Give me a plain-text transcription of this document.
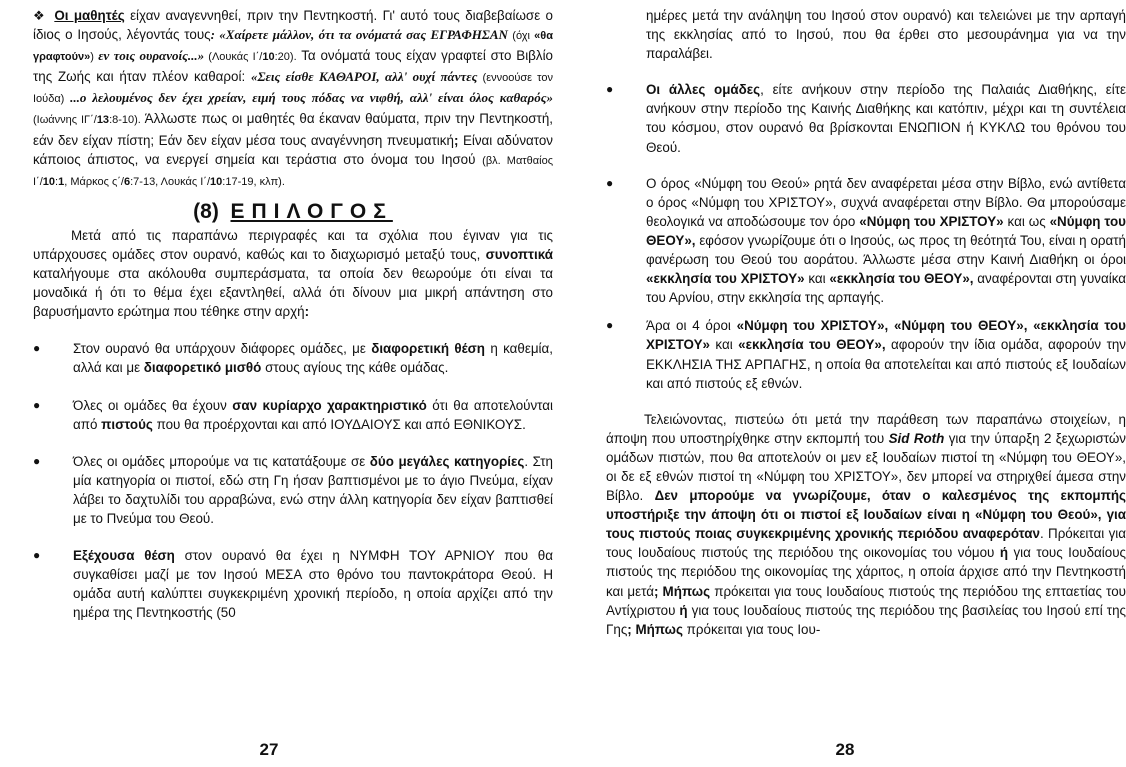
❖ Οι μαθητές είχαν αναγεννηθεί, πριν την Πεντηκοστή. Γι' αυτό τους διαβεβαίωσε ο ίδιος ο Ιησούς, λέγοντάς τους: «Χαίρετε μάλλον, ότι τα ονόματά σας ΕΓΡΑΦΗΣΑΝ (όχι «θα γραφτούν») εν τοις ουρανοίς...» (Λουκάς Ι΄/10:20). Τα ονόματά τους είχαν γραφτεί στο Βιβλίο της Ζωής και ήταν πλέον καθαροί: «Σεις είσθε ΚΑΘΑΡΟΙ, αλλ' ουχί πάντες (εννοούσε τον Ιούδα) ...ο λελουμένος δεν έχει χρείαν, ειμή τους πόδας να νιφθή, αλλ' είναι όλος καθαρός» (Ιωάννης ΙΓ΄/13:8-10). Άλλωστε πως οι μαθητές θα έκαναν θαύματα, πριν την Πεντηκοστή, εάν δεν είχαν πίστη; Εάν δεν είχαν μέσα τους αναγέννηση πνευματική; Είναι αδύνατον κάποιος άπιστος, να ενεργεί σημεία και τεράστια στο όνομα του Ιησού (βλ. Ματθαίος Ι΄/10:1, Μάρκος ς΄/6:7-13, Λουκάς Ι΄/10:17-19, κλπ).

(8) ΕΠΙΛΟΓΟΣ

Μετά από τις παραπάνω περιγραφές και τα σχόλια που έγιναν για τις υπάρχουσες ομάδες στον ουρανό, καθώς και το διαχωρισμό μεταξύ τους, συνοπτικά καταλήγουμε στα ακόλουθα συμπεράσματα, τα οποία δεν θεωρούμε ότι είναι τα μοναδικά ή ότι το θέμα έχει εξαντληθεί, αλλά ότι δίνουν μια μικρή απάντηση στο βαρυσήμαντο ερώτημα που τέθηκε στην αρχή:

●	Στον ουρανό θα υπάρχουν διάφορες ομάδες, με διαφορετική θέση η καθεμία, αλλά και με διαφορετικό μισθό στους αγίους της κάθε ομάδας.
●	Όλες οι ομάδες θα έχουν σαν κυρίαρχο χαρακτηριστικό ότι θα αποτελούνται από πιστούς που θα προέρχονται και από ΙΟΥΔΑΙΟΥΣ και από ΕΘΝΙΚΟΥΣ.
●	Όλες οι ομάδες μπορούμε να τις κατατάξουμε σε δύο μεγάλες κατηγορίες. Στη μία κατηγορία οι πιστοί, εδώ στη Γη ήσαν βαπτισμένοι με το άγιο Πνεύμα, είχαν λάβει το δαχτυλίδι του αρραβώνα, ενώ στην άλλη κατηγορία δεν είχαν βαπτισθεί με το Πνεύμα του Θεού.
●	Εξέχουσα θέση στον ουρανό θα έχει η ΝΥΜΦΗ ΤΟΥ ΑΡΝΙΟΥ που θα συγκαθίσει μαζί με τον Ιησού ΜΕΣΑ στο θρόνο του παντοκράτορα Θεού. Η ομάδα αυτή καλύπτει συγκεκριμένη χρονική περίοδο, η οποία αρχίζει από την ημέρα της Πεντηκοστής (50

ημέρες μετά την ανάληψη του Ιησού στον ουρανό) και τελειώνει με την αρπαγή της εκκλησίας από το Ιησού, που θα έρθει στο μεσουράνημα για να την παραλάβει.

●	Οι άλλες ομάδες, είτε ανήκουν στην περίοδο της Παλαιάς Διαθήκης, είτε ανήκουν στην περίοδο της Καινής Διαθήκης και κατόπιν, μέχρι και τη συντέλεια του κόσμου, στον ουρανό θα βρίσκονται ΕΝΩΠΙΟΝ ή ΚΥΚΛΩ του θρόνου του Θεού.
●	Ο όρος «Νύμφη του Θεού» ρητά δεν αναφέρεται μέσα στην Βίβλο, ενώ αντίθετα ο όρος «Νύμφη του ΧΡΙΣΤΟΥ», συχνά αναφέρεται στην Βίβλο. Θα μπορούσαμε θεολογικά να αποδώσουμε τον όρο «Νύμφη του ΧΡΙΣΤΟΥ» και ως «Νύμφη του ΘΕΟΥ», εφόσον γνωρίζουμε ότι ο Ιησούς, ως προς τη θεότητά Του, είναι η ορατή φανέρωση του Θεού του αοράτου. Άλλωστε μέσα στην Καινή Διαθήκη οι όροι «εκκλησία του ΧΡΙΣΤΟΥ» και «εκκλησία του ΘΕΟΥ», αναφέρονται στη γυναίκα του Αρνίου, στην εκκλησία της αρπαγής.
●	Άρα οι 4 όροι «Νύμφη του ΧΡΙΣΤΟΥ», «Νύμφη του ΘΕΟΥ», «εκκλησία του ΧΡΙΣΤΟΥ» και «εκκλησία του ΘΕΟΥ», αφορούν την ίδια ομάδα, αφορούν την ΕΚΚΛΗΣΙΑ ΤΗΣ ΑΡΠΑΓΗΣ, η οποία θα αποτελείται και από πιστούς εξ Ιουδαίων και από πιστούς εξ εθνών.

Τελειώνοντας, πιστεύω ότι μετά την παράθεση των παραπάνω στοιχείων, η άποψη που υποστηρίχθηκε στην εκπομπή του Sid Roth για την ύπαρξη 2 ξεχωριστών ομάδων πιστών, που θα αποτελούν οι μεν εξ Ιουδαίων πιστοί τη «Νύμφη του ΘΕΟΥ», οι δε εξ εθνών πιστοί τη «Νύμφη του ΧΡΙΣΤΟΥ», δεν μπορεί να στηριχθεί άμεσα στην Βίβλο. Δεν μπορούμε να γνωρίζουμε, όταν ο καλεσμένος της εκπομπής υποστήριξε την άποψη ότι οι πιστοί εξ Ιουδαίων είναι η «Νύμφη του Θεού», για τους πιστούς ποιας συγκεκριμένης χρονικής περιόδου αναφερόταν. Πρόκειται για τους Ιουδαίους πιστούς της περιόδου της οικονομίας του νόμου ή για τους Ιουδαίους πιστούς της περιόδου της οικονομίας της χάριτος, η οποία άρχισε από την Πεντηκοστή και μετά; Μήπως πρόκειται για τους Ιουδαίους πιστούς της περιόδου της επταετίας του Αντίχριστου ή για τους Ιουδαίους πιστούς της περιόδου της βασιλείας του Ιησού επί της Γης; Μήπως πρόκειται για τους Ιου-

27	28
